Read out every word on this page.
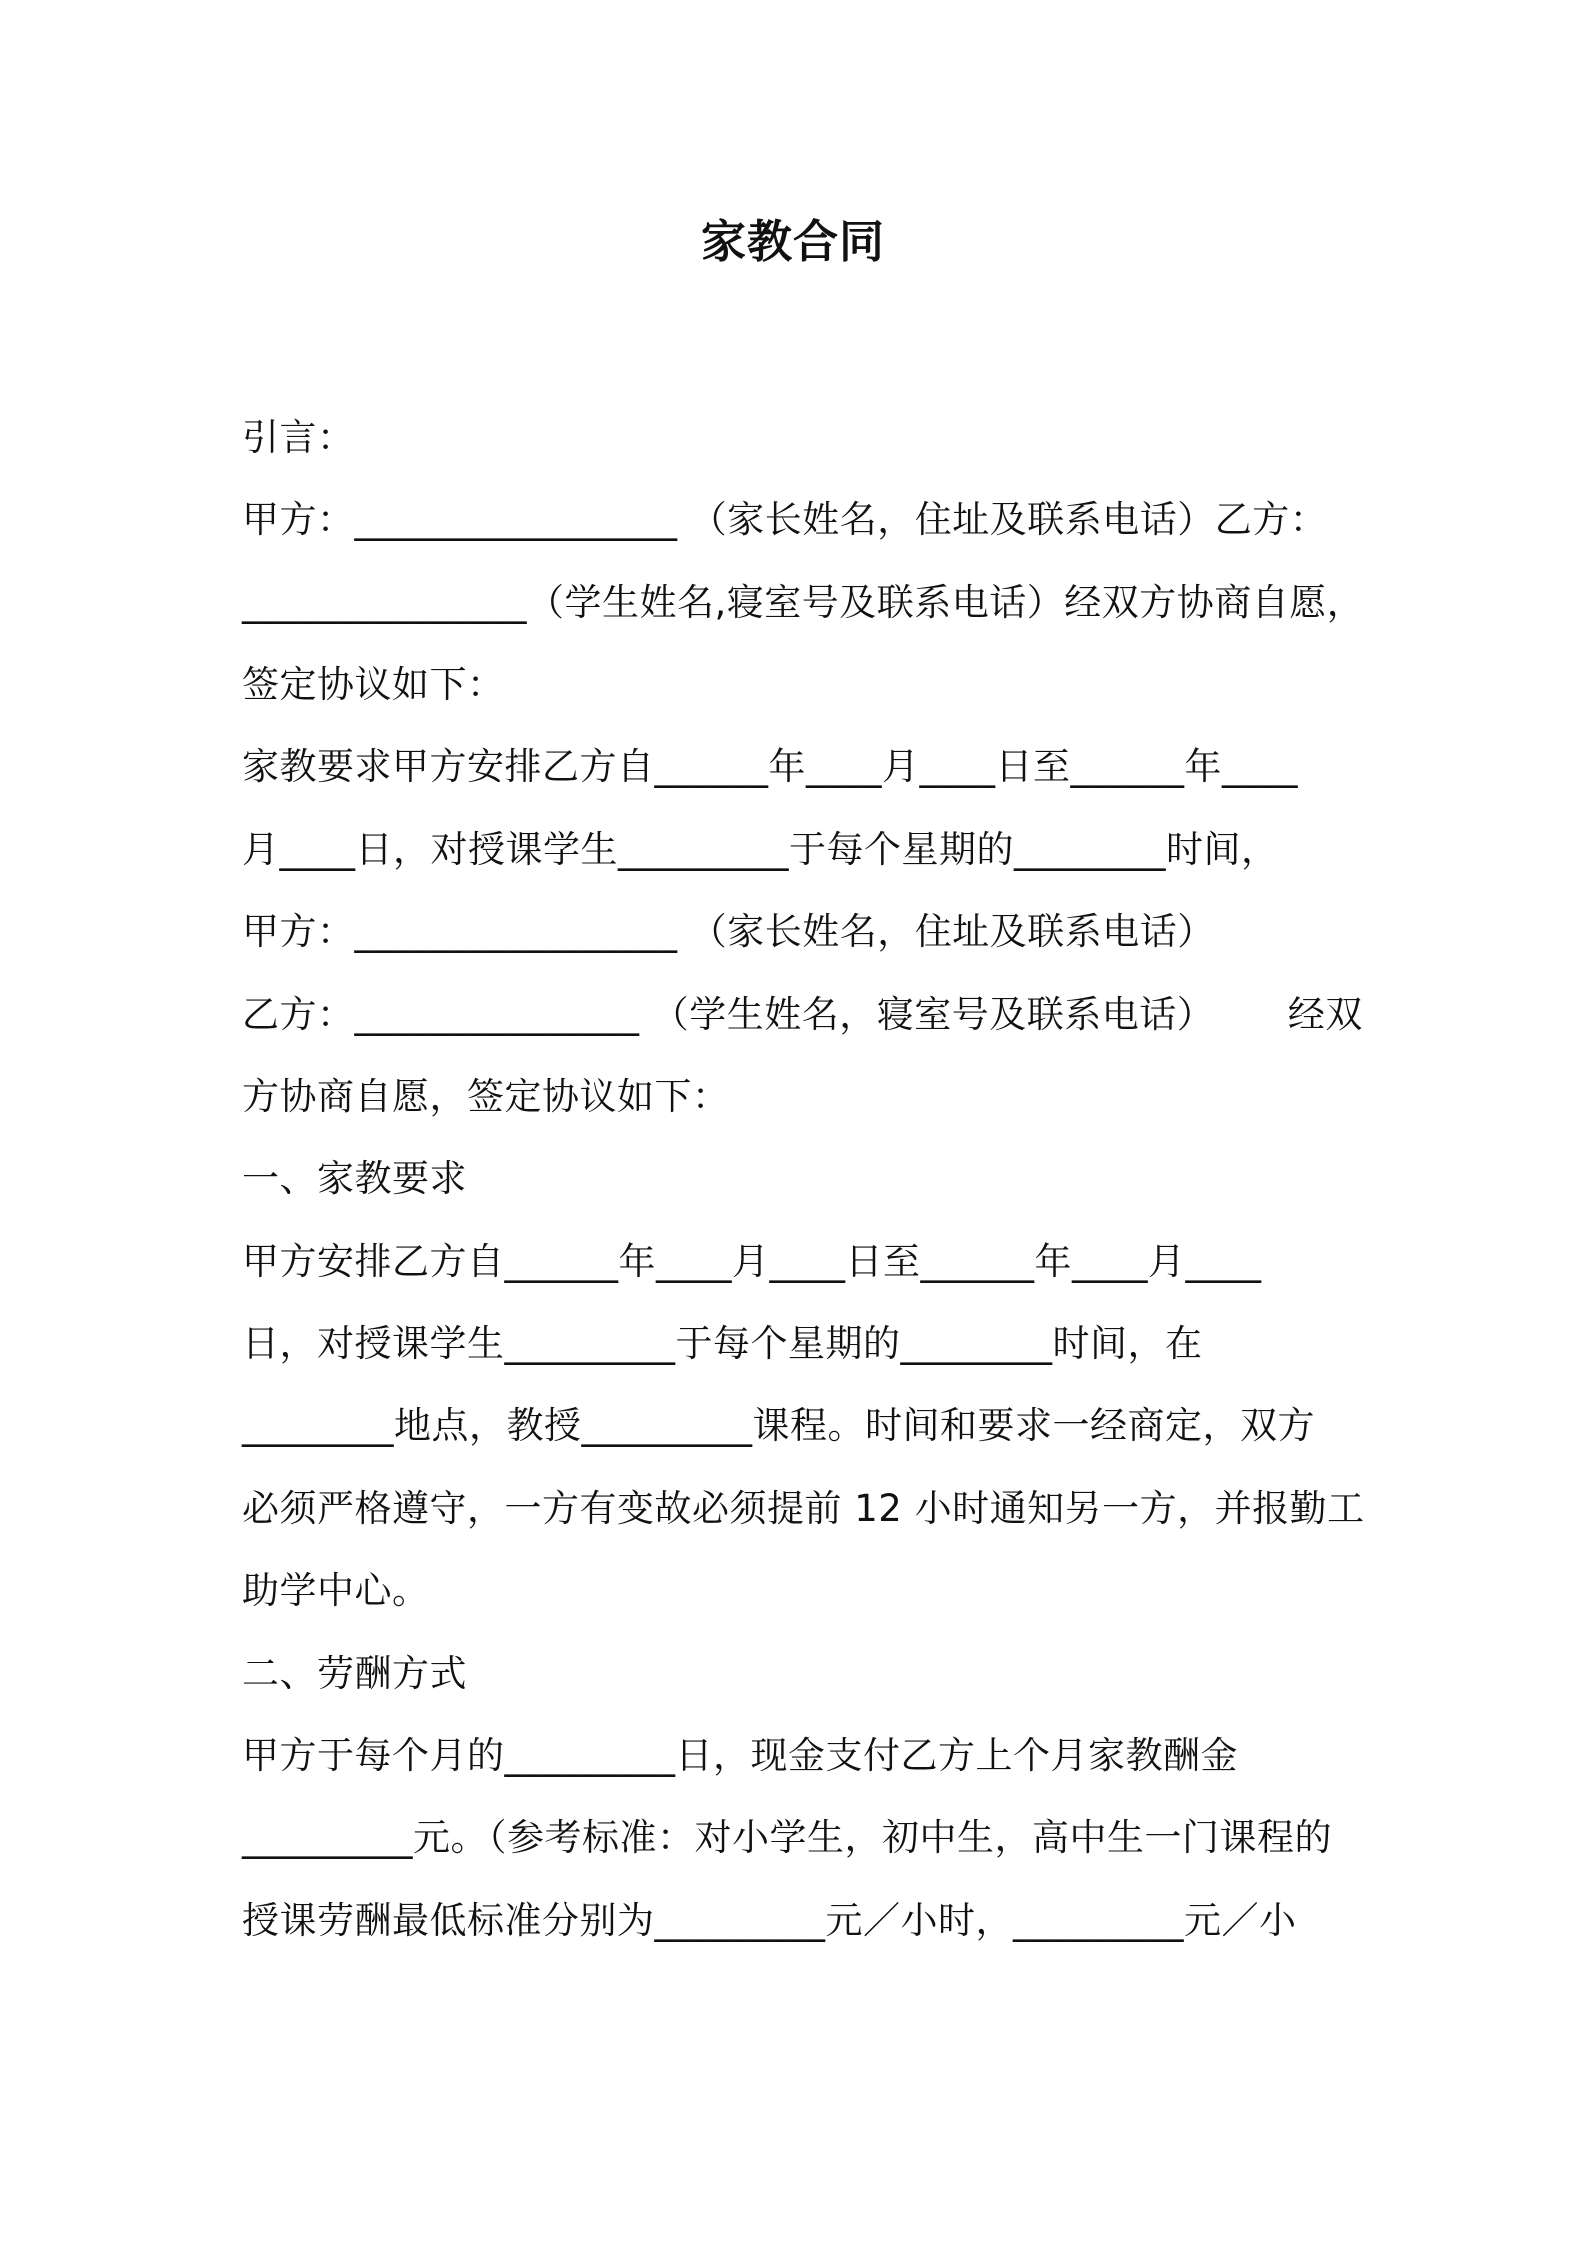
家教合同
引言：
甲方：_________________ （家长姓名，住址及联系电话）乙方：
_______________（学生姓名,寝室号及联系电话）经双方协商自愿，
签定协议如下：
家教要求甲方安排乙方自______年____月____日至______年____
月____日，对授课学生_________于每个星期的________时间，
甲方：_________________ （家长姓名，住址及联系电话）
乙方：_______________ （学生姓名，寝室号及联系电话）      经双
方协商自愿，签定协议如下：
一、家教要求
甲方安排乙方自______年____月____日至______年____月____
日，对授课学生_________于每个星期的________时间，在
________地点，教授_________课程。时间和要求一经商定，双方
必须严格遵守，一方有变故必须提前 12 小时通知另一方，并报勤工
助学中心。
二、劳酬方式
甲方于每个月的_________日，现金支付乙方上个月家教酬金
_________元。（参考标准：对小学生，初中生，高中生一门课程的
授课劳酬最低标准分别为_________元／小时，_________元／小
